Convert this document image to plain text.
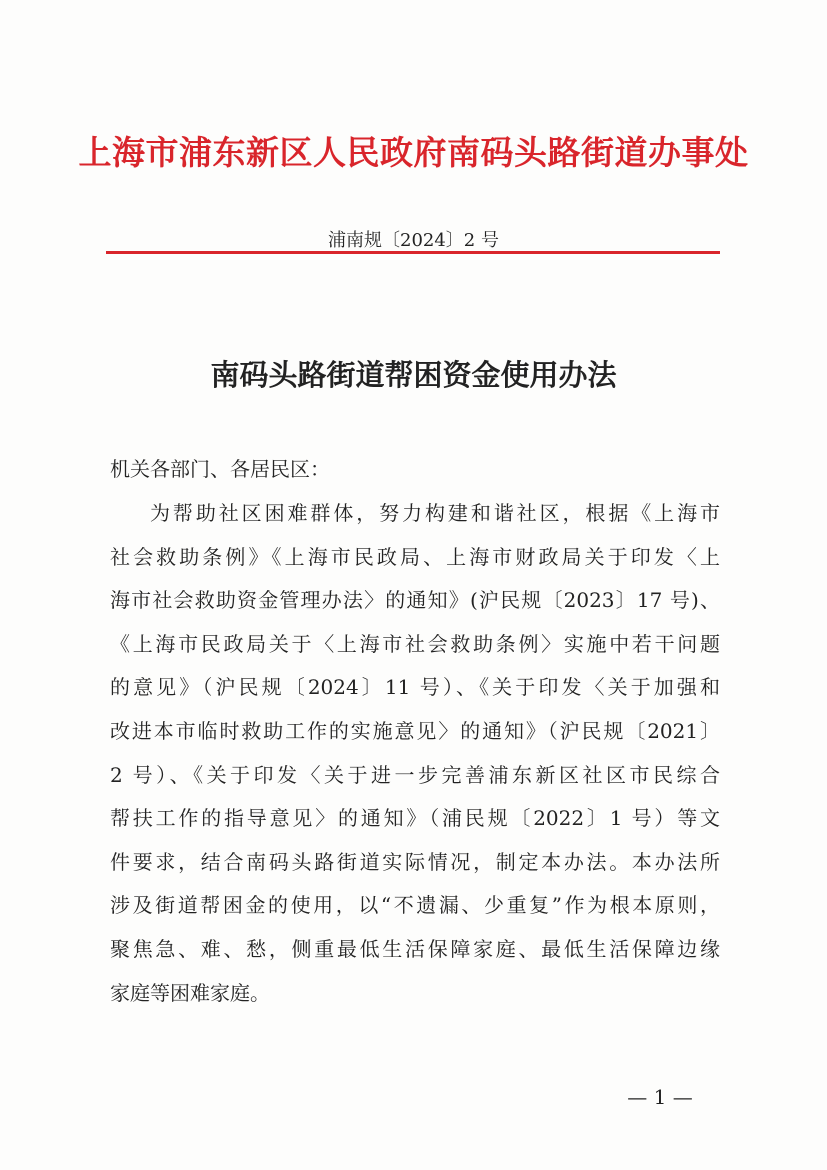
上海市浦东新区人民政府南码头路街道办事处
浦南规〔2024〕2 号
南码头路街道帮困资金使用办法
机关各部门、各居民区：
为帮助社区困难群体，努力构建和谐社区，根据《上海市
社会救助条例》《上海市民政局、上海市财政局关于印发〈上
海市社会救助资金管理办法〉的通知》(沪民规〔2023〕17 号)、
《上海市民政局关于〈上海市社会救助条例〉实施中若干问题
的意见》（沪民规〔2024〕11 号）、《关于印发〈关于加强和
改进本市临时救助工作的实施意见〉的通知》（沪民规〔2021〕
2 号）、《关于印发〈关于进一步完善浦东新区社区市民综合
帮扶工作的指导意见〉的通知》（浦民规〔2022〕1 号）等文
件要求，结合南码头路街道实际情况，制定本办法。本办法所
涉及街道帮困金的使用，以“不遗漏、少重复”作为根本原则，
聚焦急、难、愁，侧重最低生活保障家庭、最低生活保障边缘
家庭等困难家庭。
— 1 —
